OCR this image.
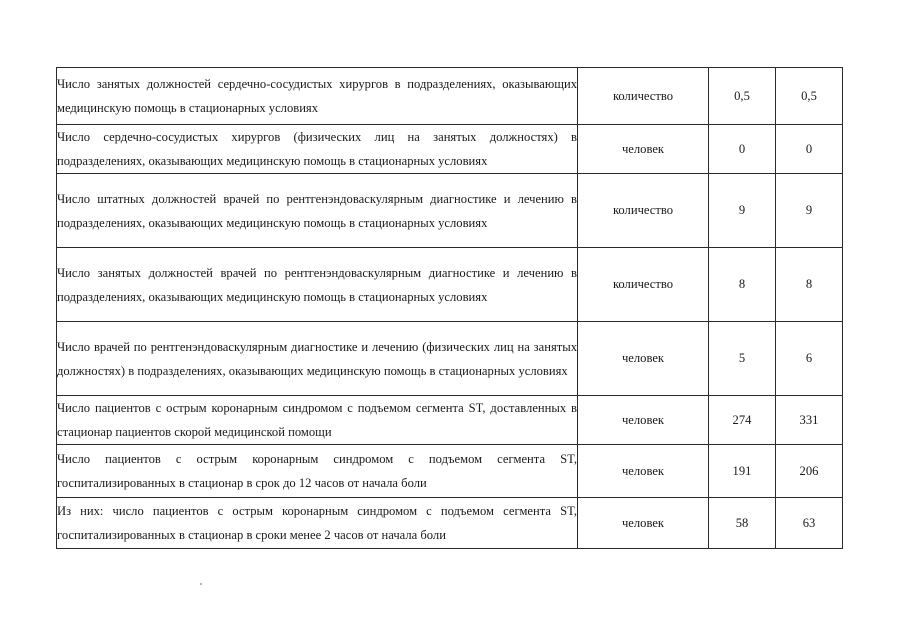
Число занятых должностей сердечно-сосудистых хирургов в подразделениях, оказывающих медицинскую помощь в стационарных условиях	количество	0,5	0,5
Число сердечно-сосудистых хирургов (физических лиц на занятых должностях) в подразделениях, оказывающих медицинскую помощь в стационарных условиях	человек	0	0
Число штатных должностей врачей по рентгенэндоваскулярным диагностике и лечению в подразделениях, оказывающих медицинскую помощь в стационарных условиях	количество	9	9
Число занятых должностей врачей по рентгенэндоваскулярным диагностике и лечению в подразделениях, оказывающих медицинскую помощь в стационарных условиях	количество	8	8
Число врачей по рентгенэндоваскулярным диагностике и лечению (физических лиц на занятых должностях) в подразделениях, оказывающих медицинскую помощь в стационарных условиях	человек	5	6
Число пациентов с острым коронарным синдромом с подъемом сегмента ST, доставленных в стационар пациентов скорой медицинской помощи	человек	274	331
Число пациентов с острым коронарным синдромом с подъемом сегмента ST, госпитализированных в стационар в срок до 12 часов от начала боли	человек	191	206
Из них: число пациентов с острым коронарным синдромом с подъемом сегмента ST, госпитализированных в стационар в сроки менее 2 часов от начала боли	человек	58	63
